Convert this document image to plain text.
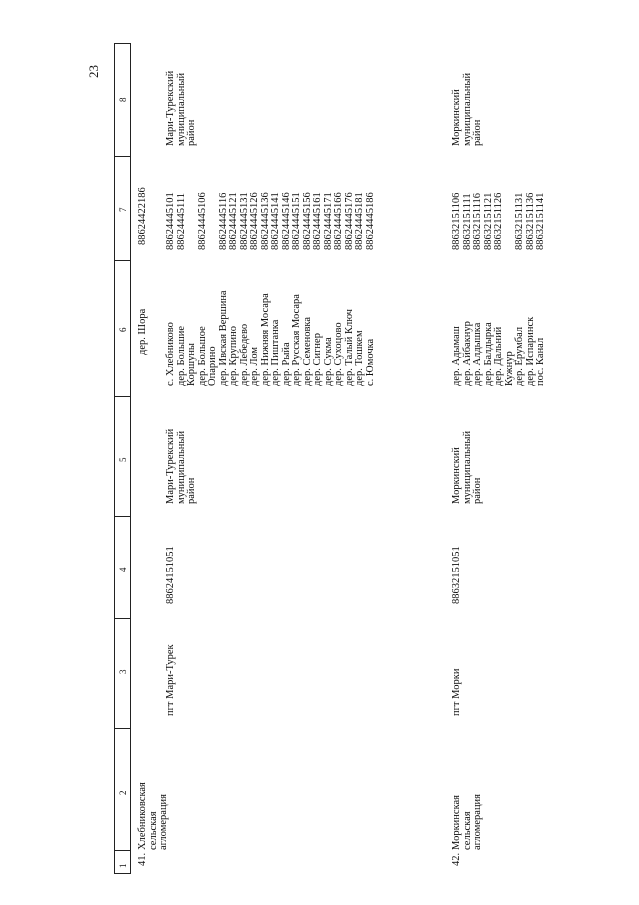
23
1
2
3
4
5
6
7
8
41.
Хлебниковская сельская агломерация
пгт Мари-Турек
88624151051
Мари-Турекский муниципальный район
дер. Шора
88624422186
с. Хлебниково дер. Большие Коршуны дер. Большое Опарино дер. Ивская Вершина дер. Крупино дер. Лебедево дер. Лом дер. Нижняя Мосара дер. Пиштанка дер. Рыйа дер. Русская Мосара дер. Семеновка дер. Сигнер дер. Сукма дер. Сухоцово дер. Талый Ключ дер. Тошкем с. Юмочка
88624445101 88624445111
88624445106
88624445116 88624445121 88624445131 88624445126 88624445136 88624445141 88624445146 88624445151 88624445156 88624445161 88624445171 88624445166 88624445176 88624445181 88624445186
Мари-Турекский муниципальный район
42.
Моркинская сельская агломерация
пгт Морки
88632151051
Моркинский муниципальный район
дер. Адымаш дер. Айбакнур дер. Алдышка дер. Балдырка дер. Дальний Кужнур дер. Ерумбал дер. Испаринск пос. Канал
88632151106 88632151111 88632151116 88632151121 88632151126
88632151131 88632151136 88632151141
Моркинский муниципальный район
